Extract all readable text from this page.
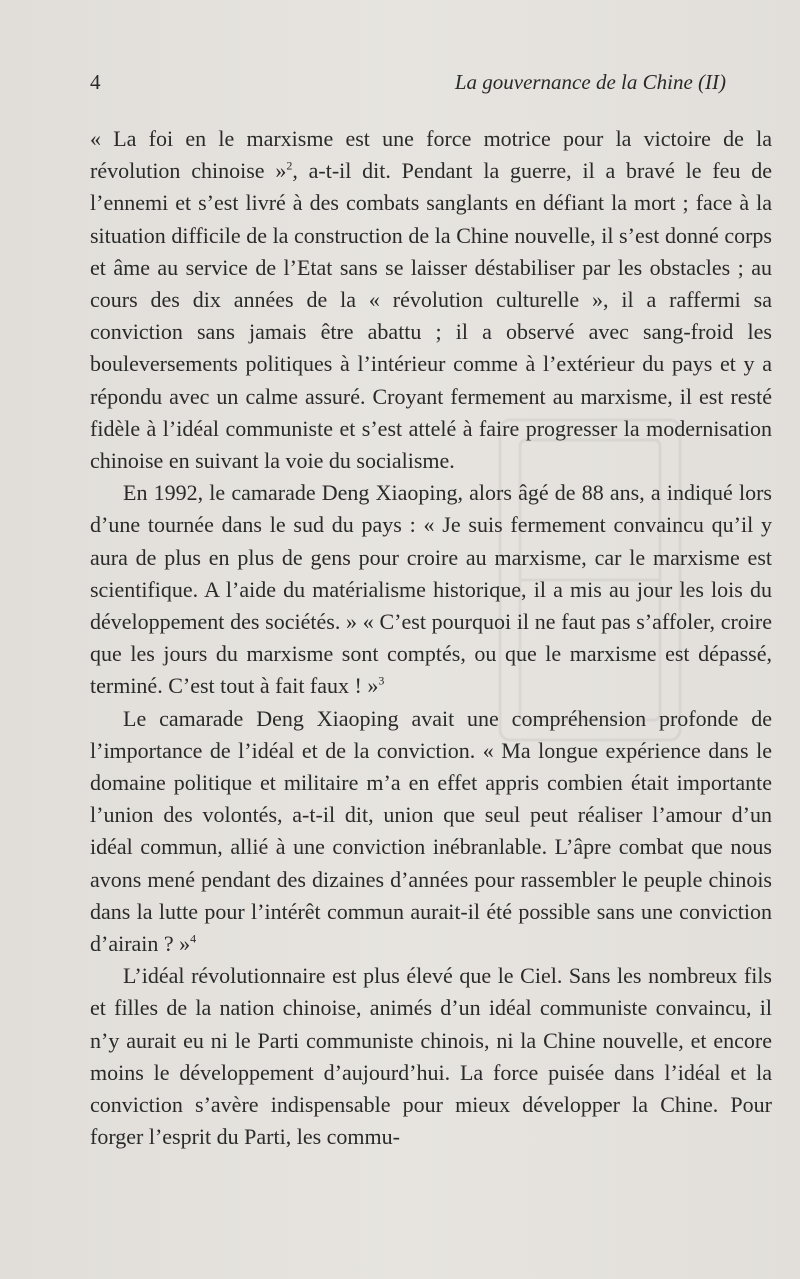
4	La gouvernance de la Chine (II)

« La foi en le marxisme est une force motrice pour la victoire de la révolution chinoise »$^2$, a-t-il dit. Pendant la guerre, il a bravé le feu de l’ennemi et s’est livré à des combats sanglants en défiant la mort ; face à la situation difficile de la construction de la Chine nouvelle, il s’est donné corps et âme au service de l’Etat sans se laisser déstabiliser par les obstacles ; au cours des dix années de la « révolution culturelle », il a raffermi sa conviction sans jamais être abattu ; il a observé avec sang-froid les bouleversements politiques à l’intérieur comme à l’extérieur du pays et y a répondu avec un calme assuré. Croyant fermement au marxisme, il est resté fidèle à l’idéal communiste et s’est attelé à faire progresser la modernisation chinoise en suivant la voie du socialisme.

En 1992, le camarade Deng Xiaoping, alors âgé de 88 ans, a indiqué lors d’une tournée dans le sud du pays : « Je suis fermement convaincu qu’il y aura de plus en plus de gens pour croire au marxisme, car le marxisme est scientifique. A l’aide du matérialisme historique, il a mis au jour les lois du développement des sociétés. » « C’est pourquoi il ne faut pas s’affoler, croire que les jours du marxisme sont comptés, ou que le marxisme est dépassé, terminé. C’est tout à fait faux ! »$^3$

Le camarade Deng Xiaoping avait une compréhension profonde de l’importance de l’idéal et de la conviction. « Ma longue expérience dans le domaine politique et militaire m’a en effet appris combien était importante l’union des volontés, a-t-il dit, union que seul peut réaliser l’amour d’un idéal commun, allié à une conviction inébranlable. L’âpre combat que nous avons mené pendant des dizaines d’années pour rassembler le peuple chinois dans la lutte pour l’intérêt commun aurait-il été possible sans une conviction d’airain ? »$^4$

L’idéal révolutionnaire est plus élevé que le Ciel. Sans les nombreux fils et filles de la nation chinoise, animés d’un idéal communiste convaincu, il n’y aurait eu ni le Parti communiste chinois, ni la Chine nouvelle, et encore moins le développement d’aujourd’hui. La force puisée dans l’idéal et la conviction s’avère indispensable pour mieux développer la Chine. Pour forger l’esprit du Parti, les commu-
